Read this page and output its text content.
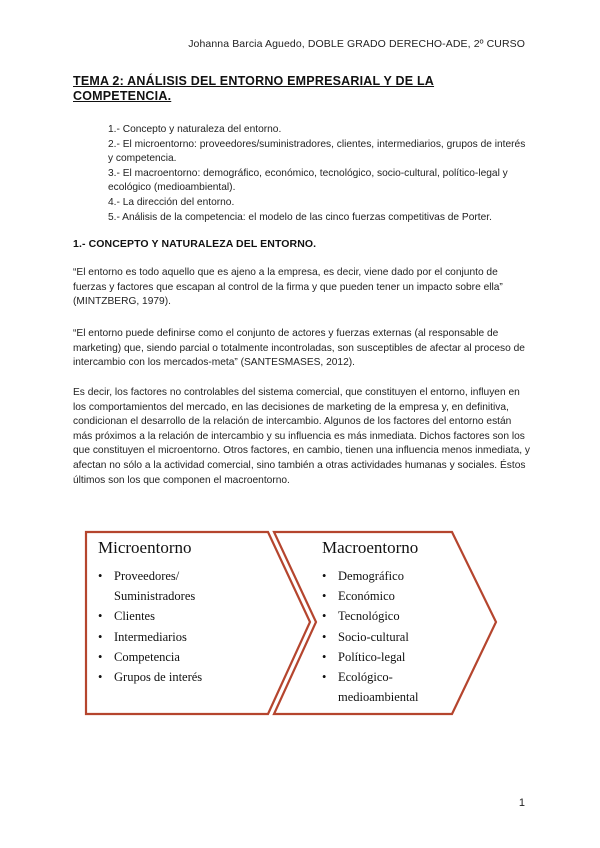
Johanna Barcia Aguedo, DOBLE GRADO DERECHO-ADE, 2º CURSO
TEMA 2: ANÁLISIS DEL ENTORNO EMPRESARIAL Y DE LA COMPETENCIA.
1.- Concepto y naturaleza del entorno.
2.- El microentorno: proveedores/suministradores, clientes, intermediarios, grupos de interés y competencia.
3.- El macroentorno: demográfico, económico, tecnológico, socio-cultural, político-legal y ecológico (medioambiental).
4.- La dirección del entorno.
5.- Análisis de la competencia: el modelo de las cinco fuerzas competitivas de Porter.
1.- CONCEPTO Y NATURALEZA DEL ENTORNO.

“El entorno es todo aquello que es ajeno a la empresa, es decir, viene dado por el conjunto de fuerzas y factores que escapan al control de la firma y que pueden tener un impacto sobre ella” (MINTZBERG, 1979).

“El entorno puede definirse como el conjunto de actores y fuerzas externas (al responsable de marketing) que, siendo parcial o totalmente incontroladas, son susceptibles de afectar al proceso de intercambio con los mercados-meta” (SANTESMASES, 2012).

Es decir, los factores no controlables del sistema comercial, que constituyen el entorno, influyen en los comportamientos del mercado, en las decisiones de marketing de la empresa y, en definitiva, condicionan el desarrollo de la relación de intercambio. Algunos de los factores del entorno están más próximos a la relación de intercambio y su influencia es más inmediata. Dichos factores son los que constituyen el microentorno. Otros factores, en cambio, tienen una influencia menos inmediata, y afectan no sólo a la actividad comercial, sino también a otras actividades humanas y sociales. Éstos últimos son los que componen el macroentorno.

Microentorno
• Proveedores/
Suministradores
• Clientes
• Intermediarios
• Competencia
• Grupos de interés
Macroentorno
• Demográfico
• Económico
• Tecnológico
• Socio-cultural
• Político-legal
• Ecológico-
medioambiental
1
